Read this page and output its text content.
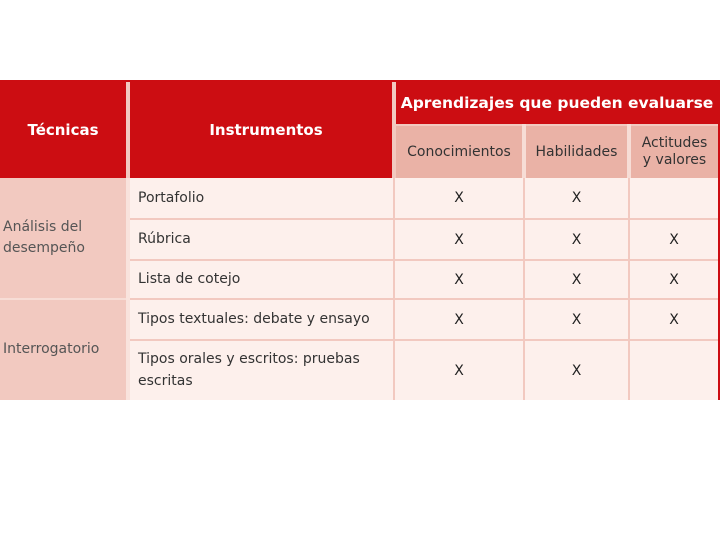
Técnicas	Instrumentos	Aprendizajes que pueden evaluarse		
		Conocimientos	Habilidades	Actitudes
y valores
Análisis del
desempeño	Portafolio	X	X	
	Rúbrica	X	X	X
	Lista de cotejo	X	X	X
Interrogatorio	Tipos textuales: debate y ensayo	X	X	X
	Tipos orales y escritos: pruebas
escritas	X	X	
